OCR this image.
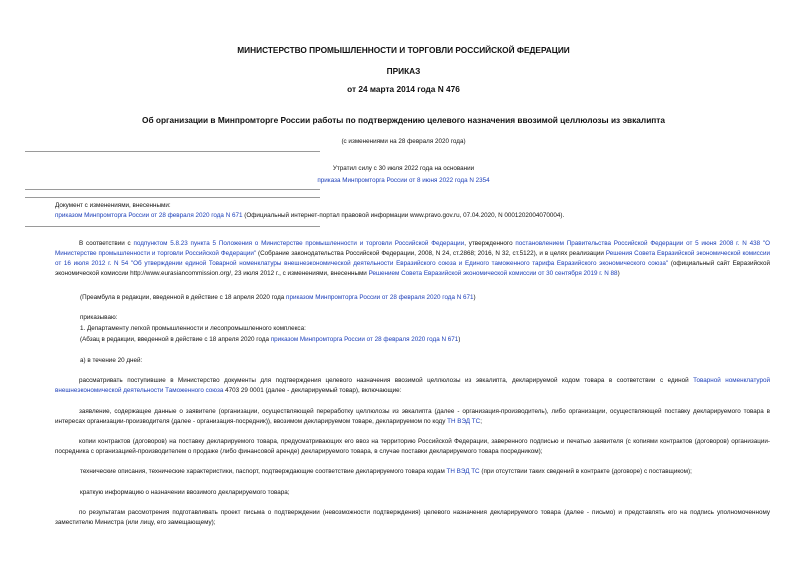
МИНИСТЕРСТВО ПРОМЫШЛЕННОСТИ И ТОРГОВЛИ РОССИЙСКОЙ ФЕДЕРАЦИИ
ПРИКАЗ
от 24 марта 2014 года N 476
Об организации в Минпромторге России работы по подтверждению целевого назначения ввозимой целлюлозы из эвкалипта
(с изменениями на 28 февраля 2020 года)
Утратил силу с 30 июля 2022 года на основании
приказа Минпромторга России от 8 июня 2022 года N 2354
Документ с изменениями, внесенными:
приказом Минпромторга России от 28 февраля 2020 года N 671 (Официальный интернет-портал правовой информации www.pravo.gov.ru, 07.04.2020, N 0001202004070004).
В соответствии с подпунктом 5.8.23 пункта 5 Положения о Министерстве промышленности и торговли Российской Федерации, утвержденного постановлением Правительства Российской Федерации от 5 июня 2008 г. N 438 "О Министерстве промышленности и торговли Российской Федерации" (Собрание законодательства Российской Федерации, 2008, N 24, ст.2868; 2016, N 32, ст.5122), и в целях реализации Решения Совета Евразийской экономической комиссии от 16 июля 2012 г. N 54 "Об утверждении единой Товарной номенклатуры внешнеэкономической деятельности Евразийского союза и Единого таможенного тарифа Евразийского экономического союза" (официальный сайт Евразийской экономической комиссии http://www.eurasiancommission.org/, 23 июля 2012 г., с изменениями, внесенными Решением Совета Евразийской экономической комиссии от 30 сентября 2019 г. N 88)
(Преамбула в редакции, введенной в действие с 18 апреля 2020 года приказом Минпромторга России от 28 февраля 2020 года N 671)
приказываю:
1. Департаменту легкой промышленности и лесопромышленного комплекса:
(Абзац в редакции, введенной в действие с 18 апреля 2020 года приказом Минпромторга России от 28 февраля 2020 года N 671)
а) в течение 20 дней:
рассматривать поступившие в Министерство документы для подтверждения целевого назначения ввозимой целлюлозы из эвкалипта, декларируемой кодом товара в соответствии с единой Товарной номенклатурой внешнеэкономической деятельности Таможенного союза 4703 29 0001 (далее - декларируемый товар), включающие:
заявление, содержащее данные о заявителе (организации, осуществляющей переработку целлюлозы из эвкалипта (далее - организация-производитель), либо организации, осуществляющей поставку декларируемого товара в интересах организации-производителя (далее - организация-посредник)), ввозимом декларируемом товаре, декларируемом по коду ТН ВЭД ТС;
копии контрактов (договоров) на поставку декларируемого товара, предусматривающих его ввоз на территорию Российской Федерации, заверенного подписью и печатью заявителя (с копиями контрактов (договоров) организации-посредника с организацией-производителем о продаже (либо финансовой аренде) декларируемого товара, в случае поставки декларируемого товара посредником);
технические описания, технические характеристики, паспорт, подтверждающие соответствие декларируемого товара кодам ТН ВЭД ТС (при отсутствии таких сведений в контракте (договоре) с поставщиком);
краткую информацию о назначении ввозимого декларируемого товара;
по результатам рассмотрения подготавливать проект письма о подтверждении (невозможности подтверждения) целевого назначения декларируемого товара (далее - письмо) и представлять его на подпись уполномоченному заместителю Министра (или лицу, его замещающему);
